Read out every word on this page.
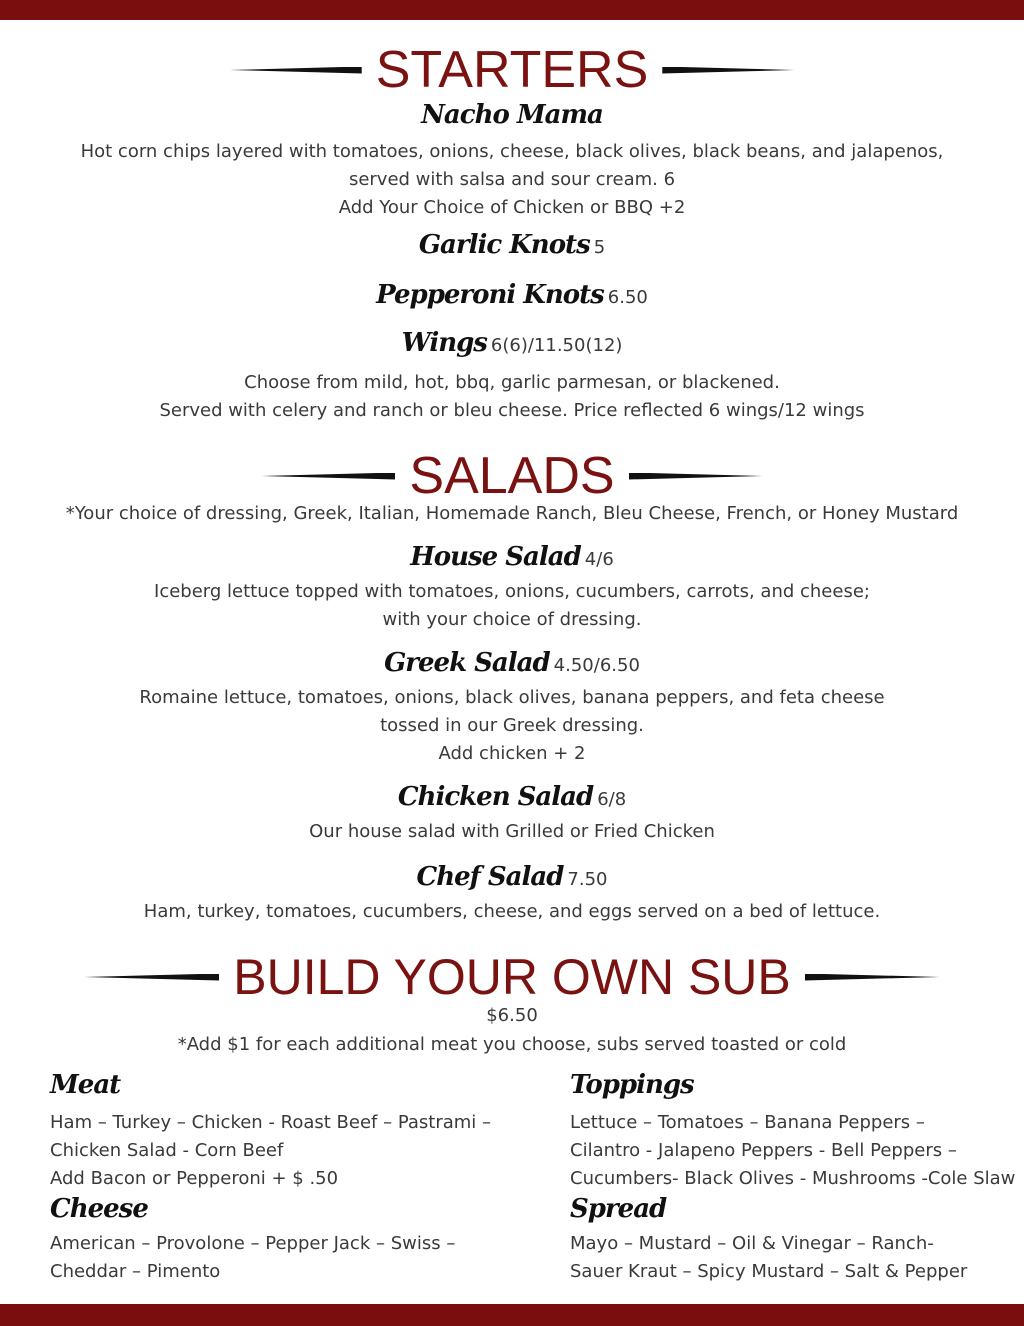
STARTERS
Nacho Mama
Hot corn chips layered with tomatoes, onions, cheese, black olives, black beans, and jalapenos,
served with salsa and sour cream. 6
Add Your Choice of Chicken or BBQ +2
Garlic Knots 5
Pepperoni Knots 6.50
Wings 6(6)/11.50(12)
Choose from mild, hot, bbq, garlic parmesan, or blackened.
Served with celery and ranch or bleu cheese. Price reflected 6 wings/12 wings
SALADS
*Your choice of dressing, Greek, Italian, Homemade Ranch, Bleu Cheese, French, or Honey Mustard
House Salad 4/6
Iceberg lettuce topped with tomatoes, onions, cucumbers, carrots, and cheese;
with your choice of dressing.
Greek Salad 4.50/6.50
Romaine lettuce, tomatoes, onions, black olives, banana peppers, and feta cheese
tossed in our Greek dressing.
Add chicken + 2
Chicken Salad 6/8
Our house salad with Grilled or Fried Chicken
Chef Salad 7.50
Ham, turkey, tomatoes, cucumbers, cheese, and eggs served on a bed of lettuce.
BUILD YOUR OWN SUB
$6.50
*Add $1 for each additional meat you choose, subs served toasted or cold
Meat
Ham – Turkey – Chicken - Roast Beef – Pastrami –
Chicken Salad - Corn Beef
Add Bacon or Pepperoni + $ .50
Cheese
American – Provolone – Pepper Jack – Swiss –
Cheddar – Pimento
Toppings
Lettuce – Tomatoes – Banana Peppers –
Cilantro - Jalapeno Peppers - Bell Peppers –
Cucumbers- Black Olives - Mushrooms -Cole Slaw
Spread
Mayo – Mustard – Oil & Vinegar – Ranch-
Sauer Kraut – Spicy Mustard – Salt & Pepper
